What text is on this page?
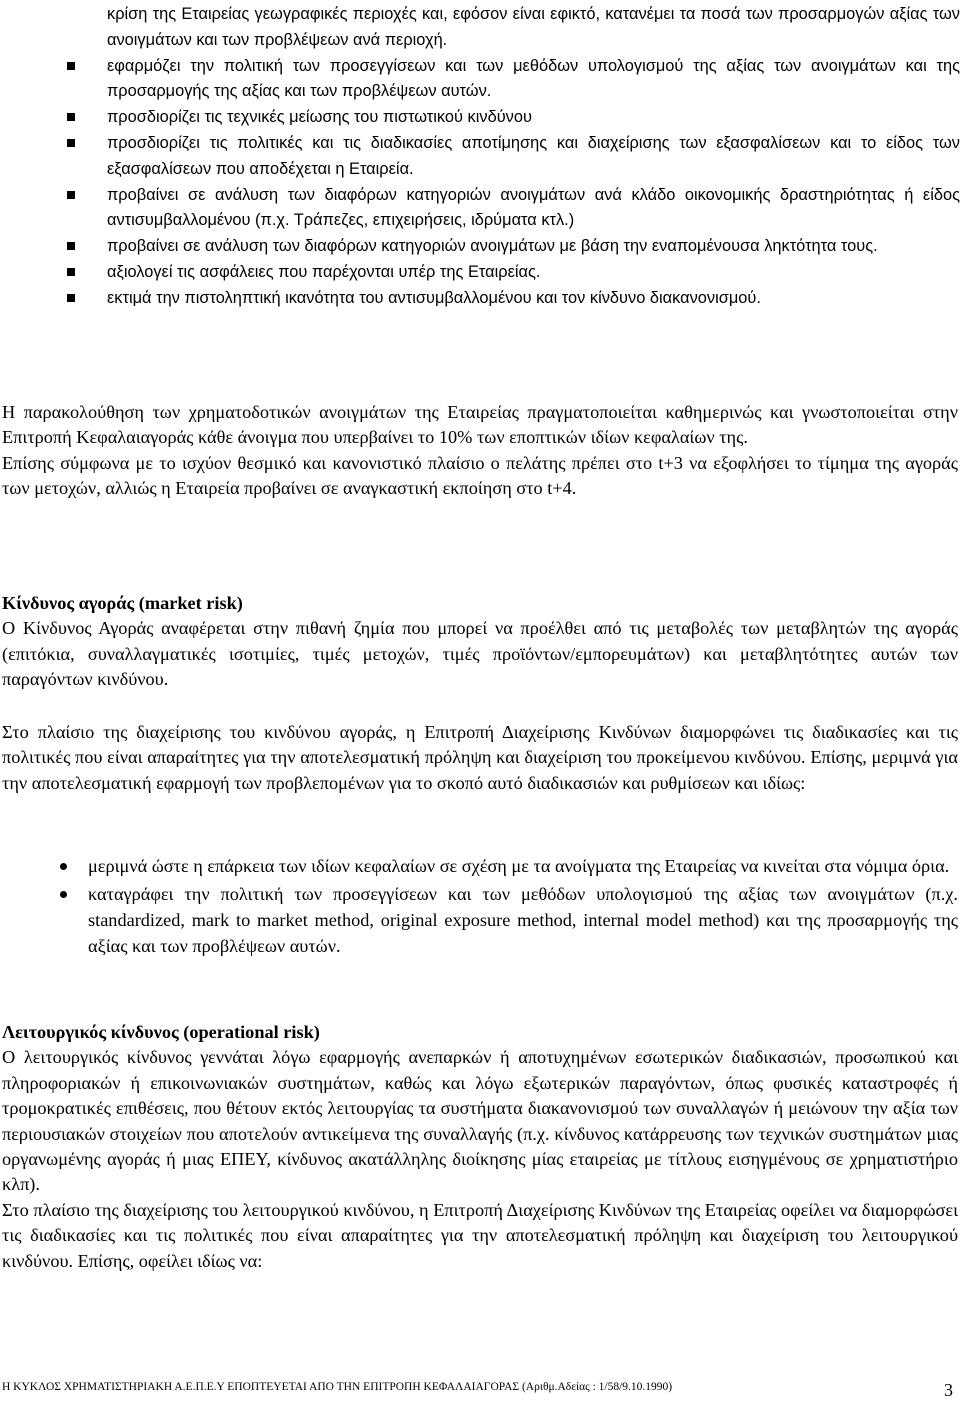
κρίση της Εταιρείας γεωγραφικές περιοχές και, εφόσον είναι εφικτό, κατανέμει τα ποσά των προσαρμογών αξίας των ανοιγμάτων και των προβλέψεων ανά περιοχή.
εφαρμόζει την πολιτική των προσεγγίσεων και των μεθόδων υπολογισμού της αξίας των ανοιγμάτων και της προσαρμογής της αξίας και των προβλέψεων αυτών.
προσδιορίζει τις τεχνικές μείωσης του πιστωτικού κινδύνου
προσδιορίζει τις πολιτικές και τις διαδικασίες αποτίμησης και διαχείρισης των εξασφαλίσεων και το είδος των εξασφαλίσεων που αποδέχεται η Εταιρεία.
προβαίνει σε ανάλυση των διαφόρων κατηγοριών ανοιγμάτων ανά κλάδο οικονομικής δραστηριότητας ή είδος αντισυμβαλλομένου (π.χ. Τράπεζες, επιχειρήσεις, ιδρύματα κτλ.)
προβαίνει σε ανάλυση των διαφόρων κατηγοριών ανοιγμάτων με βάση την εναπομένουσα ληκτότητα τους.
αξιολογεί τις ασφάλειες που παρέχονται υπέρ της Εταιρείας.
εκτιμά την πιστοληπτική ικανότητα του αντισυμβαλλομένου και τον κίνδυνο διακανονισμού.

Η παρακολούθηση των χρηματοδοτικών ανοιγμάτων της Εταιρείας πραγματοποιείται καθημερινώς και γνωστοποιείται στην Επιτροπή Κεφαλαιαγοράς κάθε άνοιγμα που υπερβαίνει το 10% των εποπτικών ιδίων κεφαλαίων της.

Επίσης σύμφωνα με το ισχύον θεσμικό και κανονιστικό πλαίσιο ο πελάτης πρέπει στο t+3 να εξοφλήσει το τίμημα της αγοράς των μετοχών, αλλιώς η Εταιρεία προβαίνει σε αναγκαστική εκποίηση στο t+4.

Κίνδυνος αγοράς (market risk)

Ο Κίνδυνος Αγοράς αναφέρεται στην πιθανή ζημία που μπορεί να προέλθει από τις μεταβολές των μεταβλητών της αγοράς (επιτόκια, συναλλαγματικές ισοτιμίες, τιμές μετοχών, τιμές προϊόντων/εμπορευμάτων) και μεταβλητότητες αυτών των παραγόντων κινδύνου.

Στο πλαίσιο της διαχείρισης του κινδύνου αγοράς, η Επιτροπή Διαχείρισης Κινδύνων διαμορφώνει τις διαδικασίες και τις πολιτικές που είναι απαραίτητες για την αποτελεσματική πρόληψη και διαχείριση του προκείμενου κινδύνου. Επίσης, μεριμνά για την αποτελεσματική εφαρμογή των προβλεπομένων για το σκοπό αυτό διαδικασιών και ρυθμίσεων και ιδίως:

μεριμνά ώστε η επάρκεια των ιδίων κεφαλαίων σε σχέση με τα ανοίγματα της Εταιρείας να κινείται στα νόμιμα όρια.
καταγράφει την πολιτική των προσεγγίσεων και των μεθόδων υπολογισμού της αξίας των ανοιγμάτων (π.χ. standardized, mark to market method, original exposure method, internal model method) και της προσαρμογής της αξίας και των προβλέψεων αυτών.
Λειτουργικός κίνδυνος (operational risk)

Ο λειτουργικός κίνδυνος γεννάται λόγω εφαρμογής ανεπαρκών ή αποτυχημένων εσωτερικών διαδικασιών, προσωπικού και πληροφοριακών ή επικοινωνιακών συστημάτων, καθώς και λόγω εξωτερικών παραγόντων, όπως φυσικές καταστροφές ή τρομοκρατικές επιθέσεις, που θέτουν εκτός λειτουργίας τα συστήματα διακανονισμού των συναλλαγών ή μειώνουν την αξία των περιουσιακών στοιχείων που αποτελούν αντικείμενα της συναλλαγής (π.χ. κίνδυνος κατάρρευσης των τεχνικών συστημάτων μιας οργανωμένης αγοράς ή μιας ΕΠΕΥ, κίνδυνος ακατάλληλης διοίκησης μίας εταιρείας με τίτλους εισηγμένους σε χρηματιστήριο κλπ).

Στο πλαίσιο της διαχείρισης του λειτουργικού κινδύνου, η Επιτροπή Διαχείρισης Κινδύνων της Εταιρείας οφείλει να διαμορφώσει τις διαδικασίες και τις πολιτικές που είναι απαραίτητες για την αποτελεσματική πρόληψη και διαχείριση του λειτουργικού κινδύνου. Επίσης, οφείλει ιδίως να:

Η ΚΥΚΛΟΣ ΧΡΗΜΑΤΙΣΤΗΡΙΑΚΗ Α.Ε.Π.Ε.Υ ΕΠΟΠΤΕΥΕΤΑΙ ΑΠΟ ΤΗΝ ΕΠΙΤΡΟΠΗ ΚΕΦΑΛΑΙΑΓΟΡΑΣ (Αριθμ.Αδείας : 1/58/9.10.1990)	3
